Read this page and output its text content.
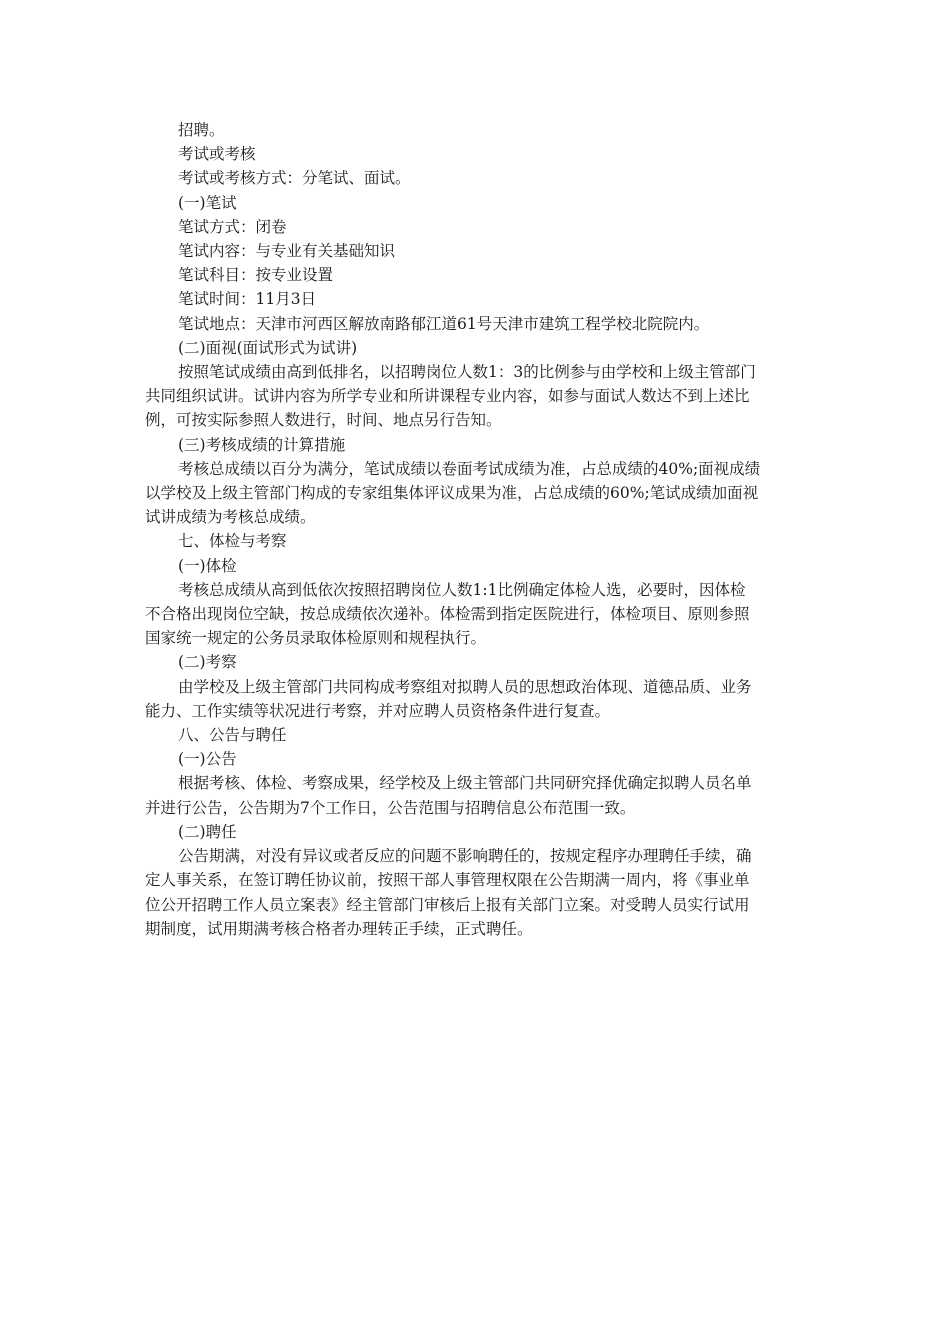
招聘。

考试或考核

考试或考核方式：分笔试、面试。

(一)笔试

笔试方式：闭卷

笔试内容：与专业有关基础知识

笔试科目：按专业设置

笔试时间：11月3日

笔试地点：天津市河西区解放南路郁江道61号天津市建筑工程学校北院院内。

(二)面视(面试形式为试讲)

按照笔试成绩由高到低排名，以招聘岗位人数1：3的比例参与由学校和上级主管部门
共同组织试讲。试讲内容为所学专业和所讲课程专业内容，如参与面试人数达不到上述比
例，可按实际参照人数进行，时间、地点另行告知。

(三)考核成绩的计算措施

考核总成绩以百分为满分，笔试成绩以卷面考试成绩为准，占总成绩的40%;面视成绩
以学校及上级主管部门构成的专家组集体评议成果为准，占总成绩的60%;笔试成绩加面视
试讲成绩为考核总成绩。

七、体检与考察

(一)体检

考核总成绩从高到低依次按照招聘岗位人数1:1比例确定体检人选，必要时，因体检
不合格出现岗位空缺，按总成绩依次递补。体检需到指定医院进行，体检项目、原则参照
国家统一规定的公务员录取体检原则和规程执行。

(二)考察

由学校及上级主管部门共同构成考察组对拟聘人员的思想政治体现、道德品质、业务
能力、工作实绩等状况进行考察，并对应聘人员资格条件进行复查。

八、公告与聘任

(一)公告

根据考核、体检、考察成果，经学校及上级主管部门共同研究择优确定拟聘人员名单
并进行公告，公告期为7个工作日，公告范围与招聘信息公布范围一致。

(二)聘任

公告期满，对没有异议或者反应的问题不影响聘任的，按规定程序办理聘任手续，确
定人事关系，在签订聘任协议前，按照干部人事管理权限在公告期满一周内，将《事业单
位公开招聘工作人员立案表》经主管部门审核后上报有关部门立案。对受聘人员实行试用
期制度，试用期满考核合格者办理转正手续，正式聘任。
